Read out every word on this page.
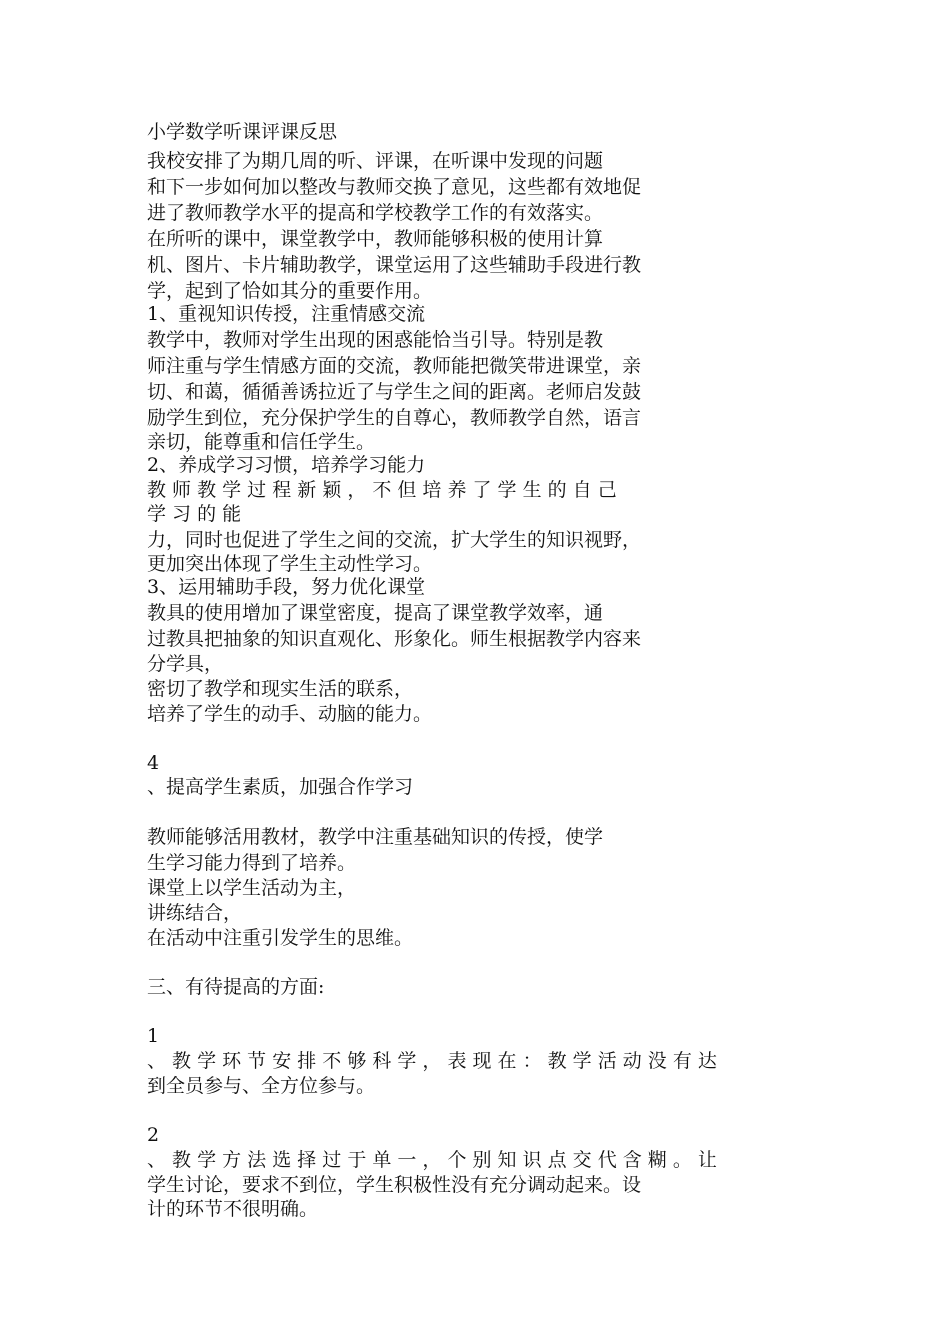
小学数学听课评课反思

我校安排了为期几周的听、评课，在听课中发现的问题

和下一步如何加以整改与教师交换了意见，这些都有效地促

进了教师教学水平的提高和学校教学工作的有效落实。

在所听的课中，课堂教学中，教师能够积极的使用计算

机、图片、卡片辅助教学，课堂运用了这些辅助手段进行教

学，起到了恰如其分的重要作用。

1、重视知识传授，注重情感交流

教学中，教师对学生出现的困惑能恰当引导。特别是教

师注重与学生情感方面的交流，教师能把微笑带进课堂，亲

切、和蔼，循循善诱拉近了与学生之间的距离。老师启发鼓

励学生到位，充分保护学生的自尊心，教师教学自然，语言

亲切，能尊重和信任学生。

2、养成学习习惯，培养学习能力

教 师 教 学 过 程 新 颖 ， 不 但 培 养 了 学 生 的 自 己

学 习 的 能

力，同时也促进了学生之间的交流，扩大学生的知识视野，

更加突出体现了学生主动性学习。

3、运用辅助手段，努力优化课堂

教具的使用增加了课堂密度，提高了课堂教学效率，通

过教具把抽象的知识直观化、形象化。师生根据教学内容来

分学具，

密切了教学和现实生活的联系，

培养了学生的动手、动脑的能力。

4

、提高学生素质，加强合作学习

教师能够活用教材，教学中注重基础知识的传授，使学

生学习能力得到了培养。

课堂上以学生活动为主，

讲练结合，

在活动中注重引发学生的思维。

三、有待提高的方面:

1

、 教 学 环 节 安 排 不 够 科 学 ， 表 现 在 ： 教 学 活 动 没 有 达

到全员参与、全方位参与。

2

、 教 学 方 法 选 择 过 于 单 一 ， 个 别 知 识 点 交 代 含 糊 。 让

学生讨论，要求不到位，学生积极性没有充分调动起来。设

计的环节不很明确。
